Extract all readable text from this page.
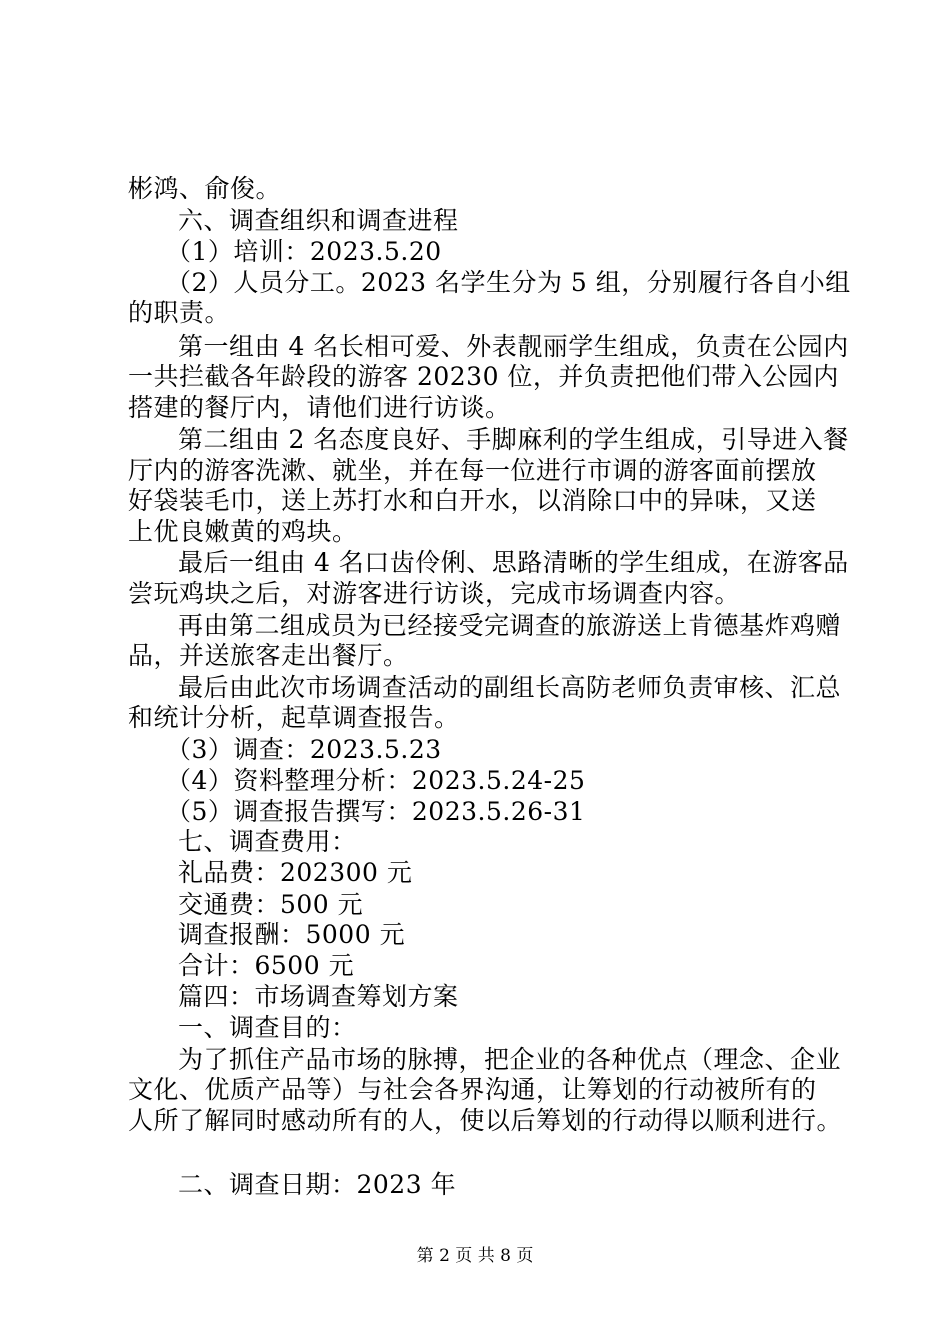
彬鸿、俞俊。
六、调查组织和调查进程
（1）培训：2023.5.20
（2）人员分工。2023 名学生分为 5 组，分别履行各自小组
的职责。
第一组由 4 名长相可爱、外表靓丽学生组成，负责在公园内
一共拦截各年龄段的游客 20230 位，并负责把他们带入公园内
搭建的餐厅内，请他们进行访谈。
第二组由 2 名态度良好、手脚麻利的学生组成，引导进入餐
厅内的游客洗漱、就坐，并在每一位进行市调的游客面前摆放
好袋装毛巾，送上苏打水和白开水，以消除口中的异味，又送
上优良嫩黄的鸡块。
最后一组由 4 名口齿伶俐、思路清晰的学生组成，在游客品
尝玩鸡块之后，对游客进行访谈，完成市场调查内容。
再由第二组成员为已经接受完调查的旅游送上肯德基炸鸡赠
品，并送旅客走出餐厅。
最后由此次市场调查活动的副组长高防老师负责审核、汇总
和统计分析，起草调查报告。
（3）调查：2023.5.23
（4）资料整理分析：2023.5.24-25
（5）调查报告撰写：2023.5.26-31
七、调查费用：
礼品费：202300 元
交通费：500 元
调查报酬：5000 元
合计：6500 元
篇四：市场调查筹划方案
一、调查目的：
为了抓住产品市场的脉搏，把企业的各种优点（理念、企业
文化、优质产品等）与社会各界沟通，让筹划的行动被所有的
人所了解同时感动所有的人，使以后筹划的行动得以顺利进行。
二、调查日期：2023 年
第 2 页 共 8 页
